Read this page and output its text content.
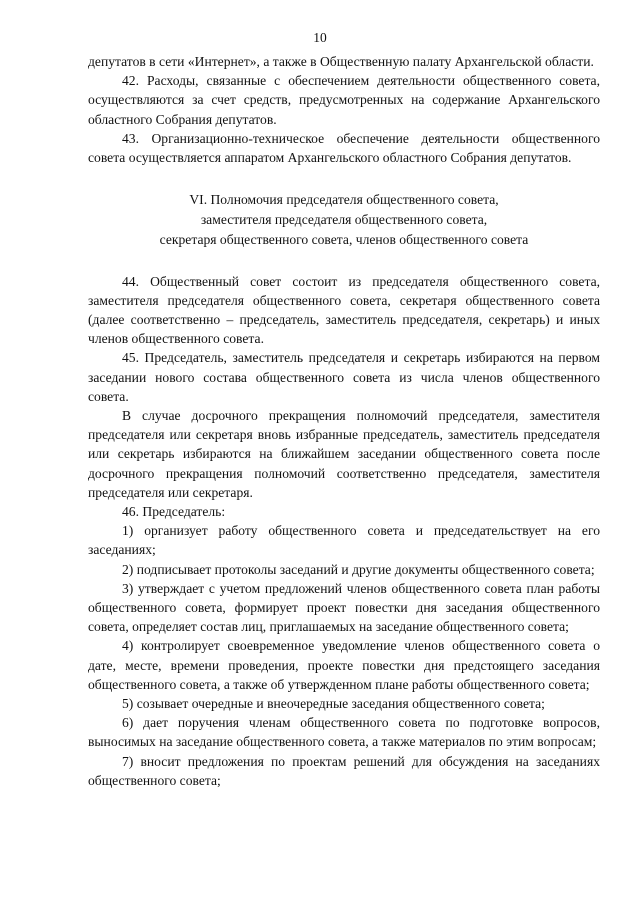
10

депутатов в сети «Интернет», а также в Общественную палату Архангельской области.

42. Расходы, связанные с обеспечением деятельности общественного совета, осуществляются за счет средств, предусмотренных на содержание Архангельского областного Собрания депутатов.

43. Организационно-техническое обеспечение деятельности общественного совета осуществляется аппаратом Архангельского областного Собрания депутатов.

VI. Полномочия председателя общественного совета,
заместителя председателя общественного совета,
секретаря общественного совета, членов общественного совета

44. Общественный совет состоит из председателя общественного совета, заместителя председателя общественного совета, секретаря общественного совета (далее соответственно – председатель, заместитель председателя, секретарь) и иных членов общественного совета.

45. Председатель, заместитель председателя и секретарь избираются на первом заседании нового состава общественного совета из числа членов общественного совета.

В случае досрочного прекращения полномочий председателя, заместителя председателя или секретаря вновь избранные председатель, заместитель председателя или секретарь избираются на ближайшем заседании общественного совета после досрочного прекращения полномочий соответственно председателя, заместителя председателя или секретаря.

46. Председатель:

1) организует работу общественного совета и председательствует на его заседаниях;

2) подписывает протоколы заседаний и другие документы общественного совета;

3) утверждает с учетом предложений членов общественного совета план работы общественного совета, формирует проект повестки дня заседания общественного совета, определяет состав лиц, приглашаемых на заседание общественного совета;

4) контролирует своевременное уведомление членов общественного совета о дате, месте, времени проведения, проекте повестки дня предстоящего заседания общественного совета, а также об утвержденном плане работы общественного совета;

5) созывает очередные и внеочередные заседания общественного совета;

6) дает поручения членам общественного совета по подготовке вопросов, выносимых на заседание общественного совета, а также материалов по этим вопросам;

7) вносит предложения по проектам решений для обсуждения на заседаниях общественного совета;
